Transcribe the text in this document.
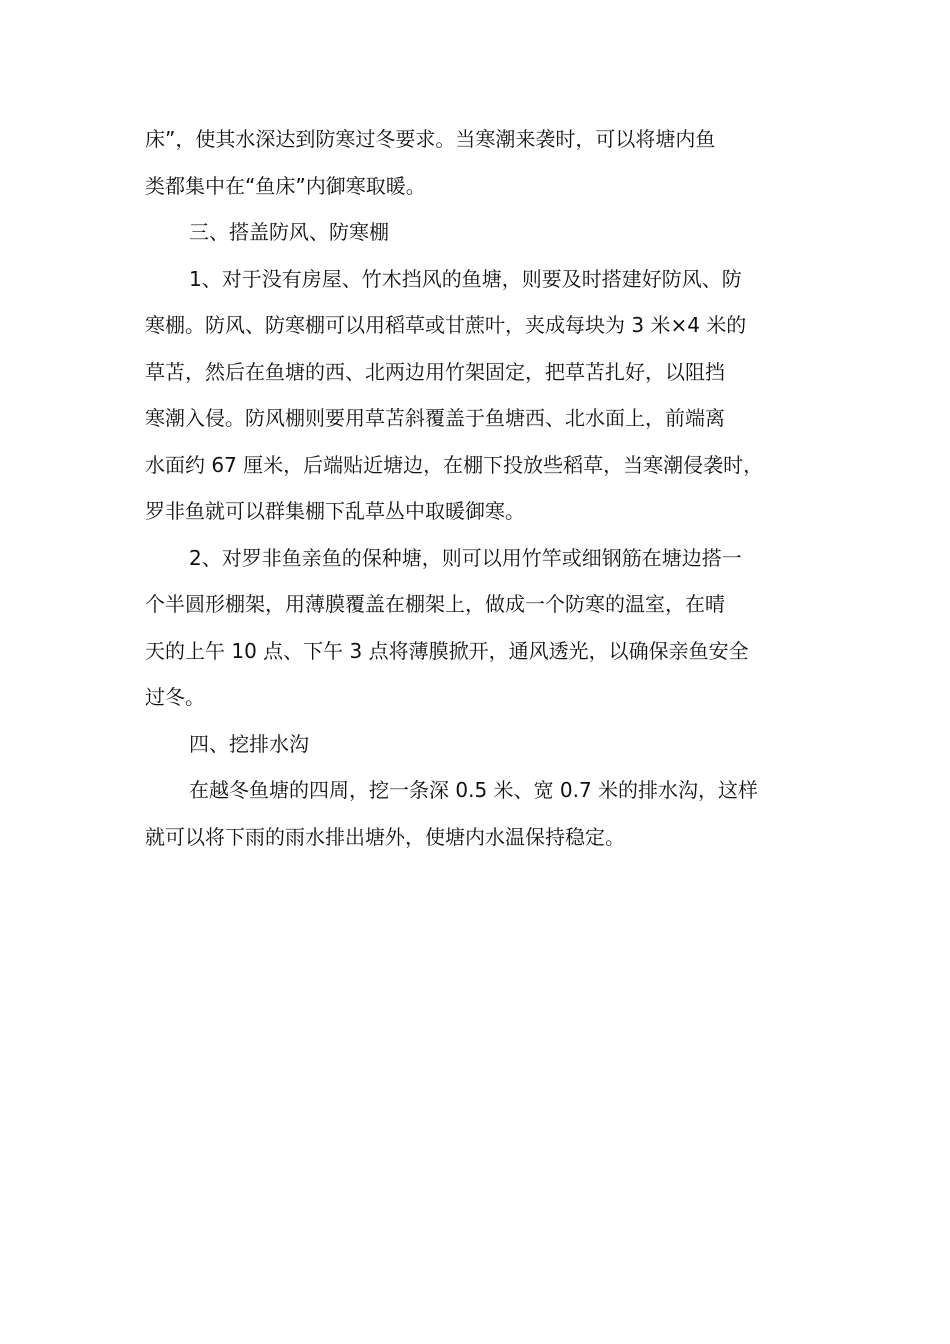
床”，使其水深达到防寒过冬要求。当寒潮来袭时，可以将塘内鱼
类都集中在“鱼床”内御寒取暖。

三、搭盖防风、防寒棚

1、对于没有房屋、竹木挡风的鱼塘，则要及时搭建好防风、防
寒棚。防风、防寒棚可以用稻草或甘蔗叶，夹成每块为 3 米×4 米的
草苫，然后在鱼塘的西、北两边用竹架固定，把草苫扎好，以阻挡
寒潮入侵。防风棚则要用草苫斜覆盖于鱼塘西、北水面上，前端离
水面约 67 厘米，后端贴近塘边，在棚下投放些稻草，当寒潮侵袭时，
罗非鱼就可以群集棚下乱草丛中取暖御寒。

2、对罗非鱼亲鱼的保种塘，则可以用竹竿或细钢筋在塘边搭一
个半圆形棚架，用薄膜覆盖在棚架上，做成一个防寒的温室，在晴
天的上午 10 点、下午 3 点将薄膜掀开，通风透光，以确保亲鱼安全
过冬。

四、挖排水沟

在越冬鱼塘的四周，挖一条深 0.5 米、宽 0.7 米的排水沟，这样
就可以将下雨的雨水排出塘外，使塘内水温保持稳定。
